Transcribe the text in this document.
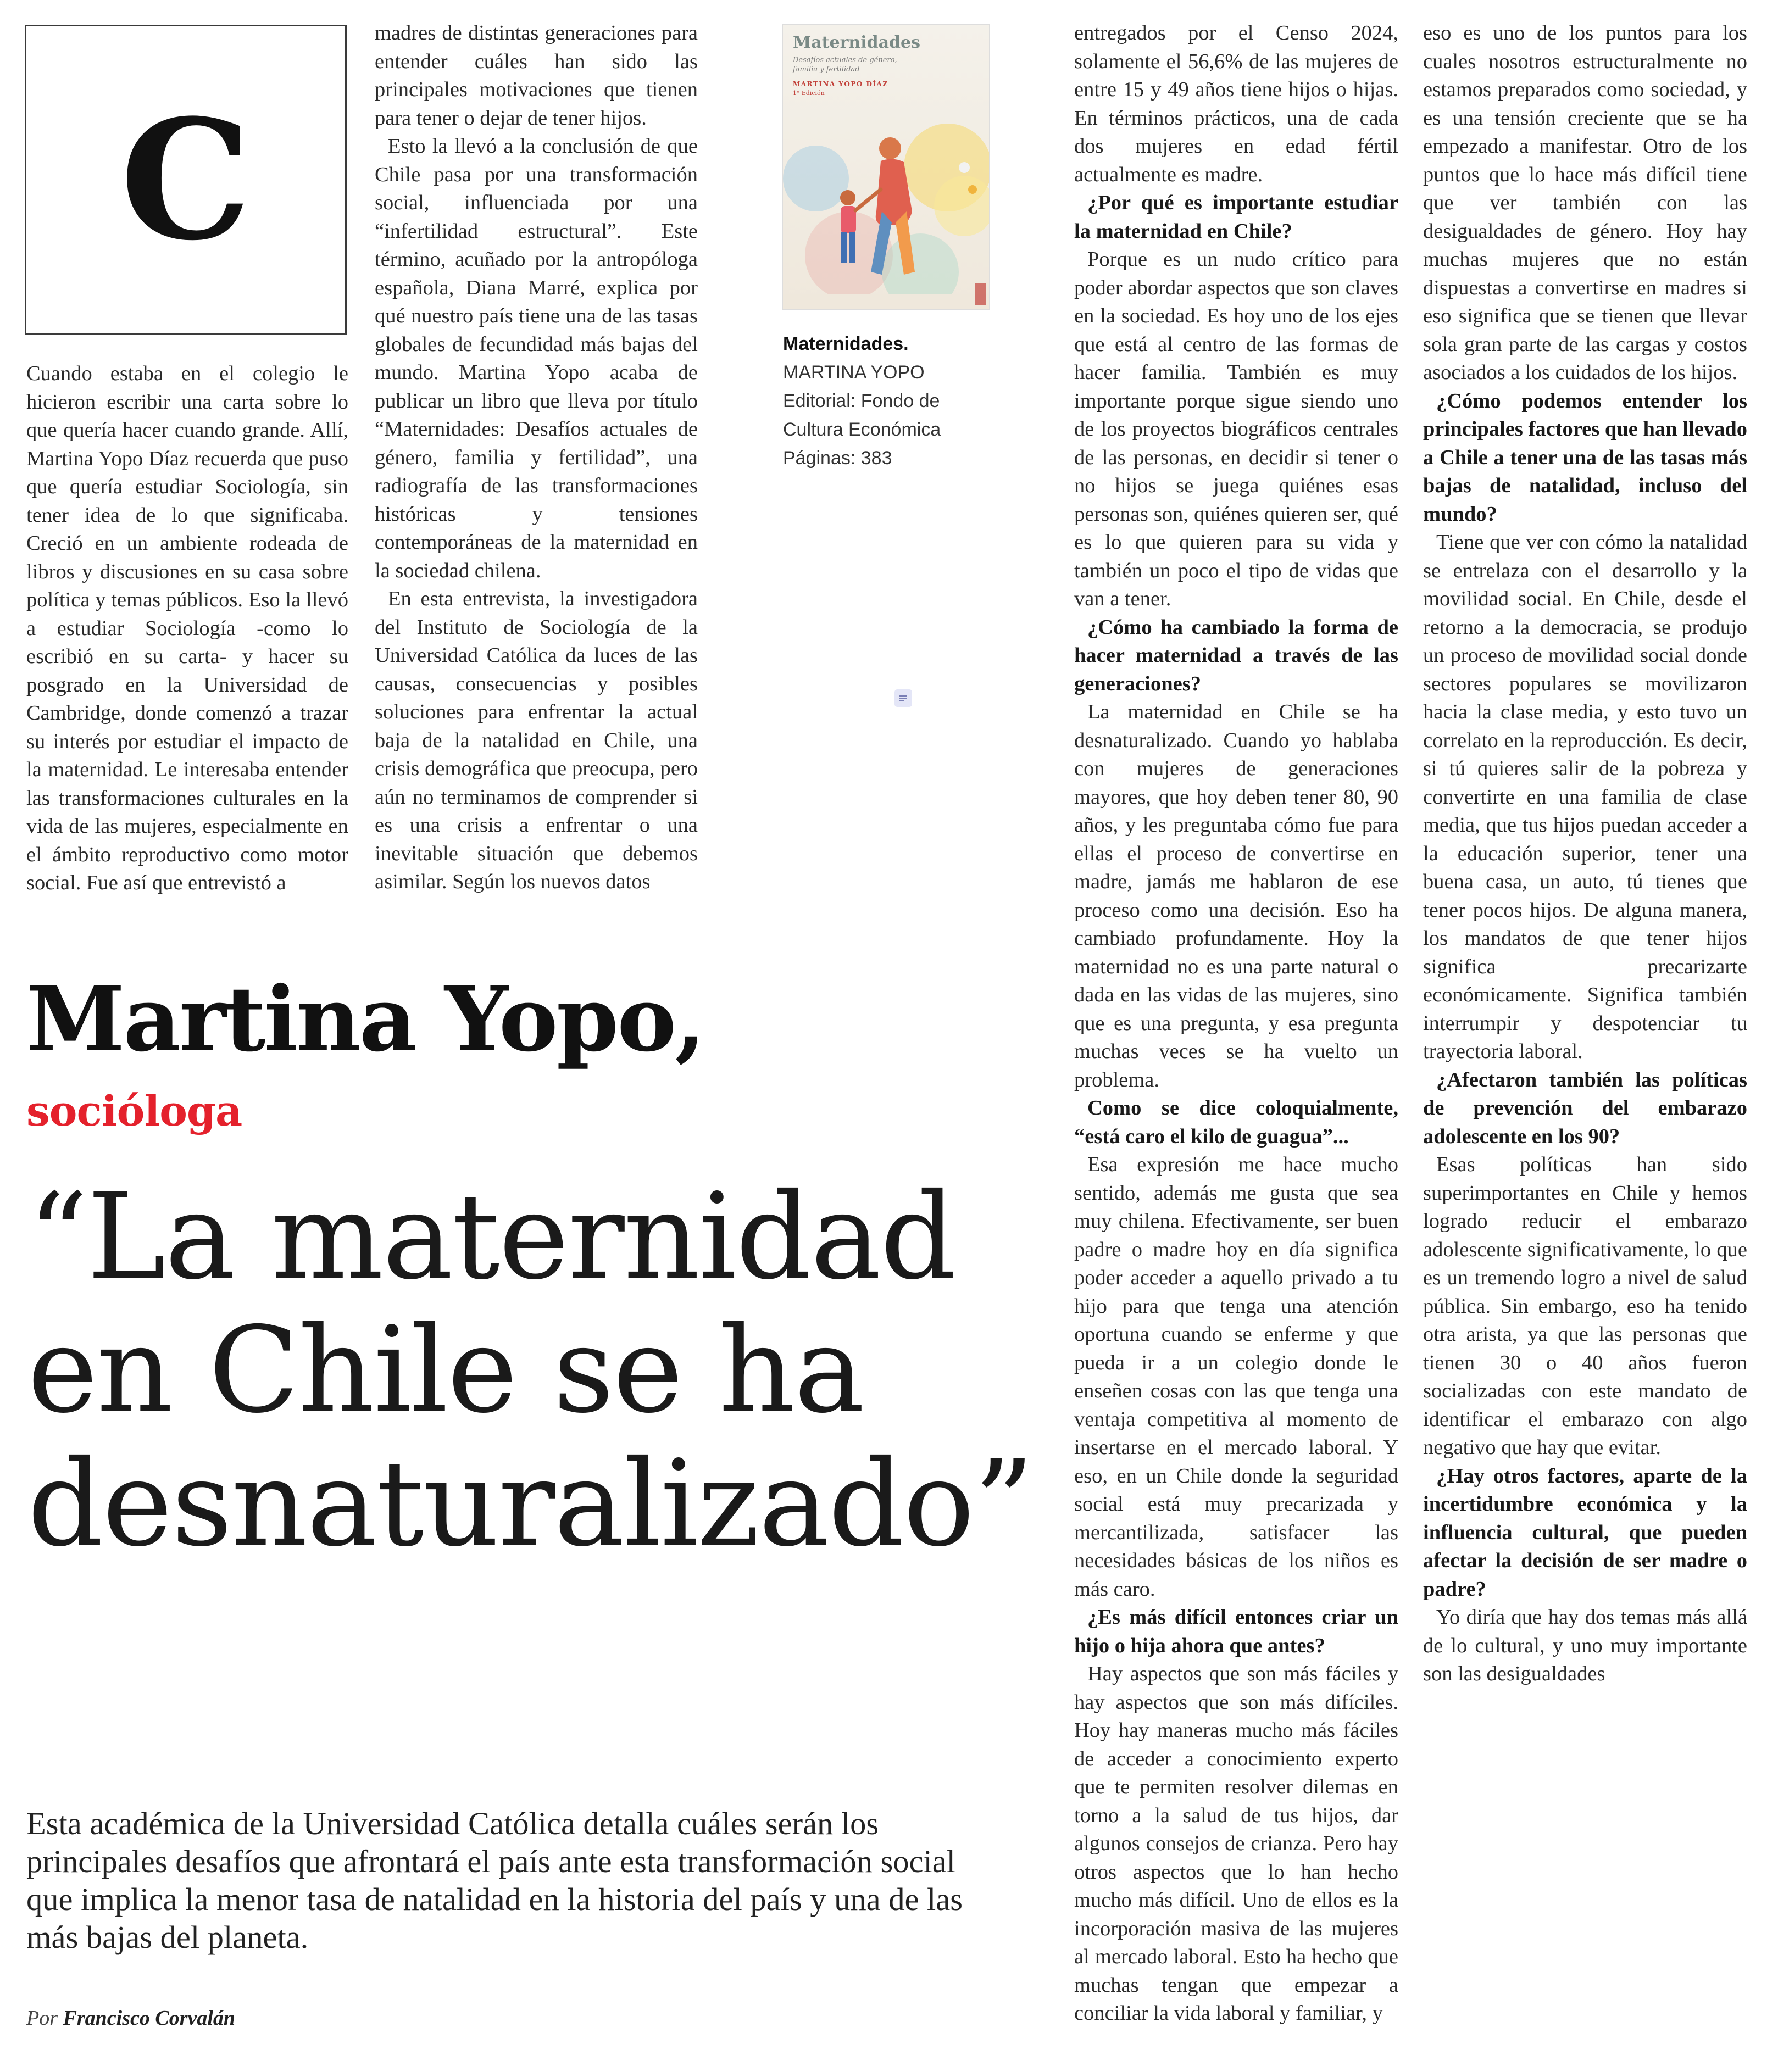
C

Cuando estaba en el colegio le hicieron escribir una carta sobre lo que quería hacer cuando grande. Allí, Martina Yopo Díaz recuerda que puso que quería estudiar Sociología, sin tener idea de lo que significaba. Creció en un ambiente rodeada de libros y discusiones en su casa sobre política y temas públicos. Eso la llevó a estudiar Sociología -como lo escribió en su carta- y hacer su posgrado en la Universidad de Cambridge, donde comenzó a trazar su interés por estudiar el impacto de la maternidad. Le interesaba entender las transformaciones culturales en la vida de las mujeres, especialmente en el ámbito reproductivo como motor social. Fue así que entrevistó a

madres de distintas generaciones para entender cuáles han sido las principales motivaciones que tienen para tener o dejar de tener hijos.

Esto la llevó a la conclusión de que Chile pasa por una transformación social, influenciada por una “infertilidad estructural”. Este término, acuñado por la antropóloga española, Diana Marré, explica por qué nuestro país tiene una de las tasas globales de fecundidad más bajas del mundo. Martina Yopo acaba de publicar un libro que lleva por título “Maternidades: Desafíos actuales de género, familia y fertilidad”, una radiografía de las transformaciones históricas y tensiones contemporáneas de la maternidad en la sociedad chilena.

En esta entrevista, la investigadora del Instituto de Sociología de la Universidad Católica da luces de las causas, consecuencias y posibles soluciones para enfrentar la actual baja de la natalidad en Chile, una crisis demográfica que preocupa, pero aún no terminamos de comprender si es una crisis a enfrentar o una inevitable situación que debemos asimilar. Según los nuevos datos

Maternidades
Desafíos actuales de género,
familia y fertilidad
MARTINA YOPO DÍAZ
1ª Edición
Maternidades.
MARTINA YOPO
Editorial: Fondo de Cultura Económica
Páginas: 383
Martina Yopo,
socióloga
“La maternidad
en Chile se ha
desnaturalizado”
Esta académica de la Universidad Católica detalla cuáles serán los principales desafíos que afrontará el país ante esta transformación social que implica la menor tasa de natalidad en la historia del país y una de las más bajas del planeta.
Por Francisco Corvalán

entregados por el Censo 2024, solamente el 56,6% de las mujeres de entre 15 y 49 años tiene hijos o hijas. En términos prácticos, una de cada dos mujeres en edad fértil actualmente es madre.

¿Por qué es importante estudiar la maternidad en Chile?

Porque es un nudo crítico para poder abordar aspectos que son claves en la sociedad. Es hoy uno de los ejes que está al centro de las formas de hacer familia. También es muy importante porque sigue siendo uno de los proyectos biográficos centrales de las personas, en decidir si tener o no hijos se juega quiénes esas personas son, quiénes quieren ser, qué es lo que quieren para su vida y también un poco el tipo de vidas que van a tener.

¿Cómo ha cambiado la forma de hacer maternidad a través de las generaciones?

La maternidad en Chile se ha desnaturalizado. Cuando yo hablaba con mujeres de generaciones mayores, que hoy deben tener 80, 90 años, y les preguntaba cómo fue para ellas el proceso de convertirse en madre, jamás me hablaron de ese proceso como una decisión. Eso ha cambiado profundamente. Hoy la maternidad no es una parte natural o dada en las vidas de las mujeres, sino que es una pregunta, y esa pregunta muchas veces se ha vuelto un problema.

Como se dice coloquialmente, “está caro el kilo de guagua”...

Esa expresión me hace mucho sentido, además me gusta que sea muy chilena. Efectivamente, ser buen padre o madre hoy en día significa poder acceder a aquello privado a tu hijo para que tenga una atención oportuna cuando se enferme y que pueda ir a un colegio donde le enseñen cosas con las que tenga una ventaja competitiva al momento de insertarse en el mercado laboral. Y eso, en un Chile donde la seguridad social está muy precarizada y mercantilizada, satisfacer las necesidades básicas de los niños es más caro.

¿Es más difícil entonces criar un hijo o hija ahora que antes?

Hay aspectos que son más fáciles y hay aspectos que son más difíciles. Hoy hay maneras mucho más fáciles de acceder a conocimiento experto que te permiten resolver dilemas en torno a la salud de tus hijos, dar algunos consejos de crianza. Pero hay otros aspectos que lo han hecho mucho más difícil. Uno de ellos es la incorporación masiva de las mujeres al mercado laboral. Esto ha hecho que muchas tengan que empezar a conciliar la vida laboral y familiar, y

eso es uno de los puntos para los cuales nosotros estructuralmente no estamos preparados como sociedad, y es una tensión creciente que se ha empezado a manifestar. Otro de los puntos que lo hace más difícil tiene que ver también con las desigualdades de género. Hoy hay muchas mujeres que no están dispuestas a convertirse en madres si eso significa que se tienen que llevar sola gran parte de las cargas y costos asociados a los cuidados de los hijos.

¿Cómo podemos entender los principales factores que han llevado a Chile a tener una de las tasas más bajas de natalidad, incluso del mundo?

Tiene que ver con cómo la natalidad se entrelaza con el desarrollo y la movilidad social. En Chile, desde el retorno a la democracia, se produjo un proceso de movilidad social donde sectores populares se movilizaron hacia la clase media, y esto tuvo un correlato en la reproducción. Es decir, si tú quieres salir de la pobreza y convertirte en una familia de clase media, que tus hijos puedan acceder a la educación superior, tener una buena casa, un auto, tú tienes que tener pocos hijos. De alguna manera, los mandatos de que tener hijos significa precarizarte económicamente. Significa también interrumpir y despotenciar tu trayectoria laboral.

¿Afectaron también las políticas de prevención del embarazo adolescente en los 90?

Esas políticas han sido superimportantes en Chile y hemos logrado reducir el embarazo adolescente significativamente, lo que es un tremendo logro a nivel de salud pública. Sin embargo, eso ha tenido otra arista, ya que las personas que tienen 30 o 40 años fueron socializadas con este mandato de identificar el embarazo con algo negativo que hay que evitar.

¿Hay otros factores, aparte de la incertidumbre económica y la influencia cultural, que pueden afectar la decisión de ser madre o padre?

Yo diría que hay dos temas más allá de lo cultural, y uno muy importante son las desigualdades
